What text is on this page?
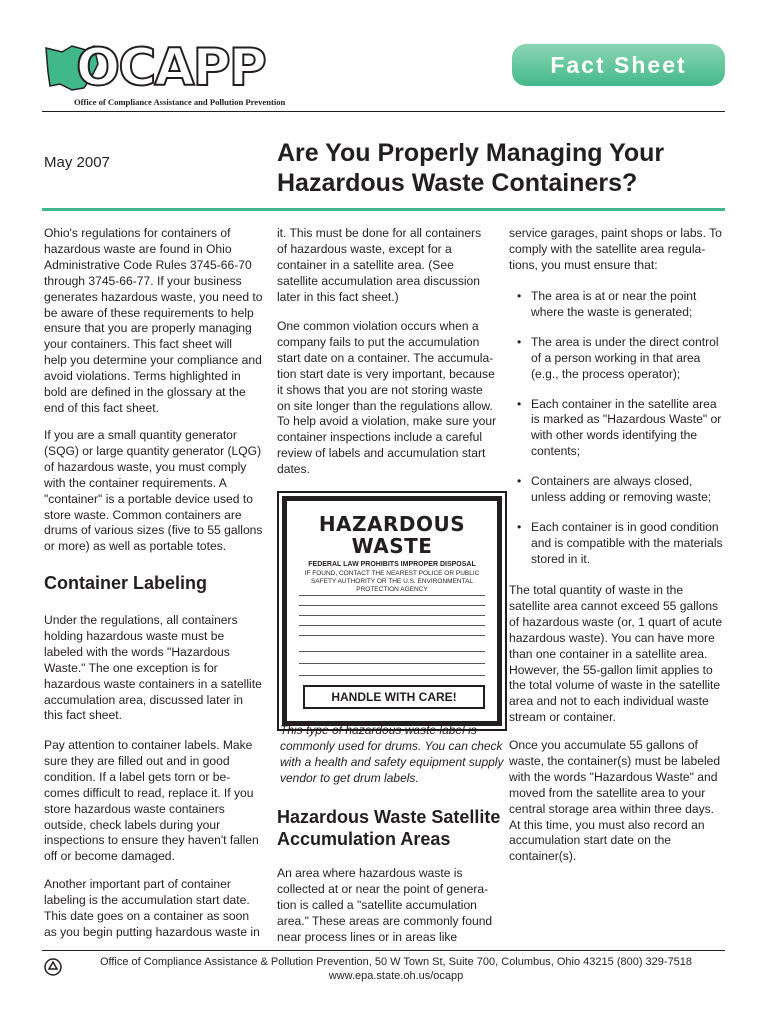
OCAPP
Office of Compliance Assistance and Pollution Prevention
Fact Sheet
May 2007	Are You Properly Managing Your
Hazardous Waste Containers?

Ohio's regulations for containers of
hazardous waste are found in Ohio
Administrative Code Rules 3745-66-70
through 3745-66-77. If your business
generates hazardous waste, you need to
be aware of these requirements to help
ensure that you are properly managing
your containers. This fact sheet will
help you determine your compliance and
avoid violations. Terms highlighted in
bold are defined in the glossary at the
end of this fact sheet.

If you are a small quantity generator
(SQG) or large quantity generator (LQG)
of hazardous waste, you must comply
with the container requirements. A
"container" is a portable device used to
store waste. Common containers are
drums of various sizes (five to 55 gallons
or more) as well as portable totes.
Container Labeling
Under the regulations, all containers
holding hazardous waste must be
labeled with the words "Hazardous
Waste." The one exception is for
hazardous waste containers in a satellite
accumulation area, discussed later in
this fact sheet.
Pay attention to container labels. Make
sure they are filled out and in good
condition. If a label gets torn or be-
comes difficult to read, replace it. If you
store hazardous waste containers
outside, check labels during your
inspections to ensure they haven't fallen
off or become damaged.
Another important part of container
labeling is the accumulation start date.
This date goes on a container as soon
as you begin putting hazardous waste in
it. This must be done for all containers
of hazardous waste, except for a
container in a satellite area. (See
satellite accumulation area discussion
later in this fact sheet.)
One common violation occurs when a
company fails to put the accumulation
start date on a container. The accumula-
tion start date is very important, because
it shows that you are not storing waste
on site longer than the regulations allow.
To help avoid a violation, make sure your
container inspections include a careful
review of labels and accumulation start
dates.
HAZARDOUS
WASTE
FEDERAL LAW PROHIBITS IMPROPER DISPOSAL
IF FOUND, CONTACT THE NEAREST POLICE OR PUBLIC SAFETY AUTHORITY OR THE U.S. ENVIRONMENTAL PROTECTION AGENCY
HANDLE WITH CARE!
This type of hazardous waste label is
commonly used for drums. You can check
with a health and safety equipment supply
vendor to get drum labels.
Hazardous Waste Satellite
Accumulation Areas
An area where hazardous waste is
collected at or near the point of genera-
tion is called a "satellite accumulation
area." These areas are commonly found
near process lines or in areas like
service garages, paint shops or labs. To
comply with the satellite area regula-
tions, you must ensure that:
• The area is at or near the point
where the waste is generated;
• The area is under the direct control
of a person working in that area
(e.g., the process operator);
• Each container in the satellite area
is marked as "Hazardous Waste" or
with other words identifying the
contents;
• Containers are always closed,
unless adding or removing waste;
• Each container is in good condition
and is compatible with the materials
stored in it.
The total quantity of waste in the
satellite area cannot exceed 55 gallons
of hazardous waste (or, 1 quart of acute
hazardous waste). You can have more
than one container in a satellite area.
However, the 55-gallon limit applies to
the total volume of waste in the satellite
area and not to each individual waste
stream or container.
Once you accumulate 55 gallons of
waste, the container(s) must be labeled
with the words "Hazardous Waste" and
moved from the satellite area to your
central storage area within three days.
At this time, you must also record an
accumulation start date on the
container(s).
Office of Compliance Assistance & Pollution Prevention, 50 W Town St, Suite 700, Columbus, Ohio 43215 (800) 329-7518
www.epa.state.oh.us/ocapp
